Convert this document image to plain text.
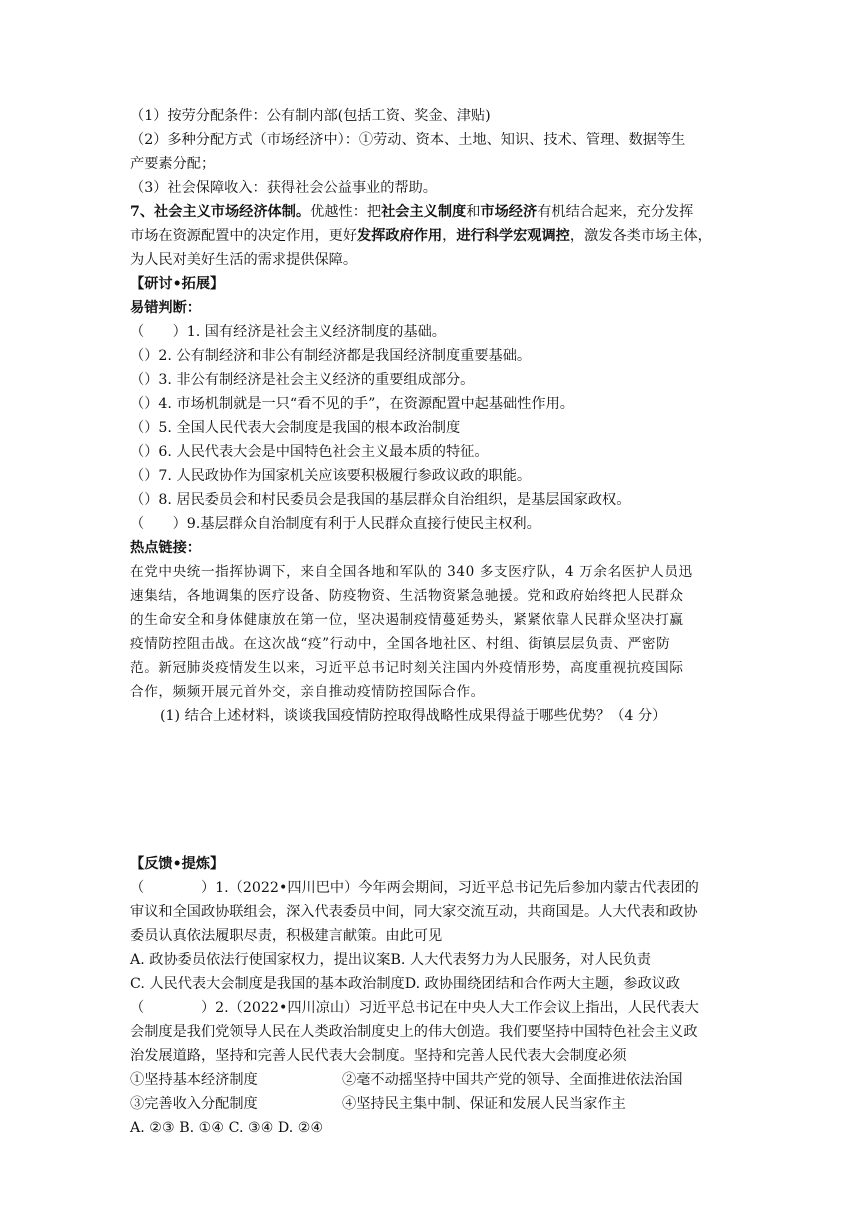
（1）按劳分配条件：公有制内部(包括工资、奖金、津贴)
（2）多种分配方式（市场经济中）：①劳动、资本、土地、知识、技术、管理、数据等生
产要素分配；
（3）社会保障收入：获得社会公益事业的帮助。
7、社会主义市场经济体制。优越性：把社会主义制度和市场经济有机结合起来，充分发挥
市场在资源配置中的决定作用，更好发挥政府作用，进行科学宏观调控，激发各类市场主体，
为人民对美好生活的需求提供保障。
【研讨•拓展】
易错判断：
（　　）1. 国有经济是社会主义经济制度的基础。
（）2. 公有制经济和非公有制经济都是我国经济制度重要基础。
（）3. 非公有制经济是社会主义经济的重要组成部分。
（）4. 市场机制就是一只“看不见的手”，在资源配置中起基础性作用。
（）5. 全国人民代表大会制度是我国的根本政治制度
（）6. 人民代表大会是中国特色社会主义最本质的特征。
（）7. 人民政协作为国家机关应该要积极履行参政议政的职能。
（）8. 居民委员会和村民委员会是我国的基层群众自治组织，是基层国家政权。
（　　）9.基层群众自治制度有利于人民群众直接行使民主权利。
热点链接：
在党中央统一指挥协调下，来自全国各地和军队的 340 多支医疗队，4 万余名医护人员迅
速集结，各地调集的医疗设备、防疫物资、生活物资紧急驰援。党和政府始终把人民群众
的生命安全和身体健康放在第一位，坚决遏制疫情蔓延势头，紧紧依靠人民群众坚决打赢
疫情防控阻击战。在这次战“疫”行动中，全国各地社区、村组、街镇层层负责、严密防
范。新冠肺炎疫情发生以来，习近平总书记时刻关注国内外疫情形势，高度重视抗疫国际
合作，频频开展元首外交，亲自推动疫情防控国际合作。
(1) 结合上述材料，谈谈我国疫情防控取得战略性成果得益于哪些优势？（4 分）
【反馈•提炼】
（　　　　）1.（2022•四川巴中）今年两会期间，习近平总书记先后参加内蒙古代表团的
审议和全国政协联组会，深入代表委员中间，同大家交流互动，共商国是。人大代表和政协
委员认真依法履职尽责，积极建言献策。由此可见
A. 政协委员依法行使国家权力，提出议案B. 人大代表努力为人民服务，对人民负责
C. 人民代表大会制度是我国的基本政治制度D. 政协围绕团结和合作两大主题，参政议政
（　　　　）2.（2022•四川凉山）习近平总书记在中央人大工作会议上指出，人民代表大
会制度是我们党领导人民在人类政治制度史上的伟大创造。我们要坚持中国特色社会主义政
治发展道路，坚持和完善人民代表大会制度。坚持和完善人民代表大会制度必须
①坚持基本经济制度	②毫不动摇坚持中国共产党的领导、全面推进依法治国
③完善收入分配制度	④坚持民主集中制、保证和发展人民当家作主
A. ②③ B. ①④ C. ③④ D. ②④
